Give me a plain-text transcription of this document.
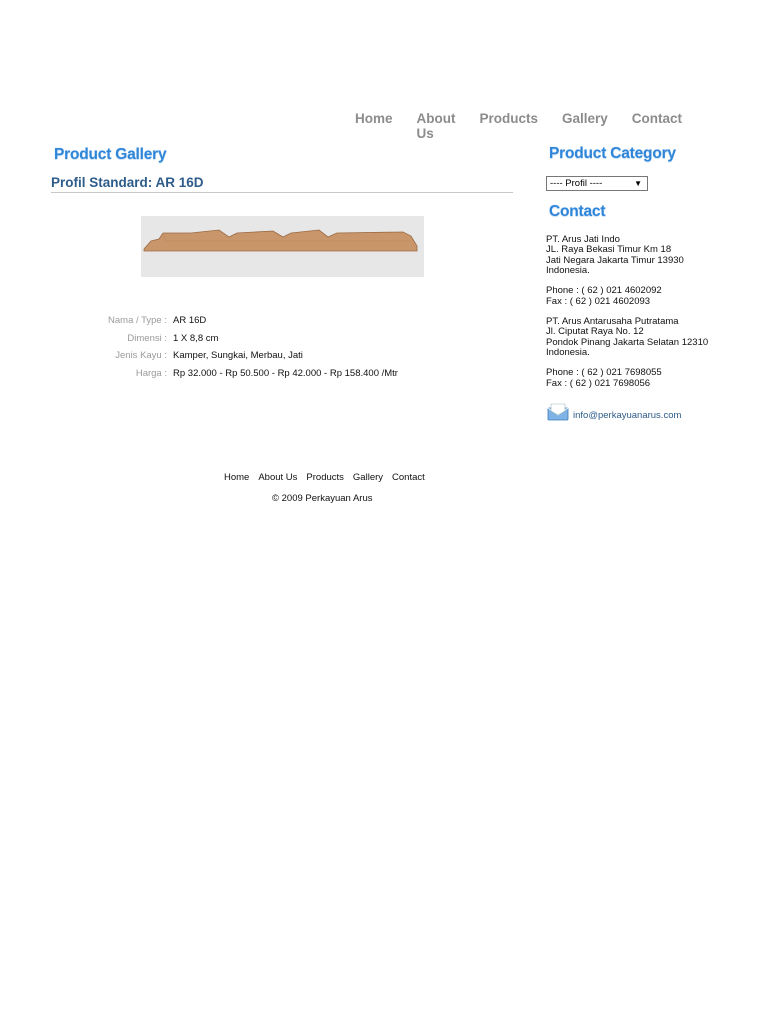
Home About Us
Products Gallery Contact
Product Gallery
Profil Standard: AR 16D
Nama / Type :	AR 16D
Dimensi :	1 X 8,8 cm
Jenis Kayu :	Kamper, Sungkai, Merbau, Jati
Harga :	Rp 32.000 - Rp 50.500 - Rp 42.000 - Rp 158.400 /Mtr
Product Category
---- Profil ----	▼
Contact
PT. Arus Jati Indo
JL. Raya Bekasi Timur Km 18
Jati Negara Jakarta Timur 13930
Indonesia.
Phone : ( 62 ) 021 4602092
Fax : ( 62 ) 021 4602093
PT. Arus Antarusaha Putratama
Jl. Ciputat Raya No. 12
Pondok Pinang Jakarta Selatan 12310
Indonesia.
Phone : ( 62 ) 021 7698055
Fax : ( 62 ) 021 7698056
info@perkayuanarus.com
Home About Us Products Gallery Contact
© 2009 Perkayuan Arus
